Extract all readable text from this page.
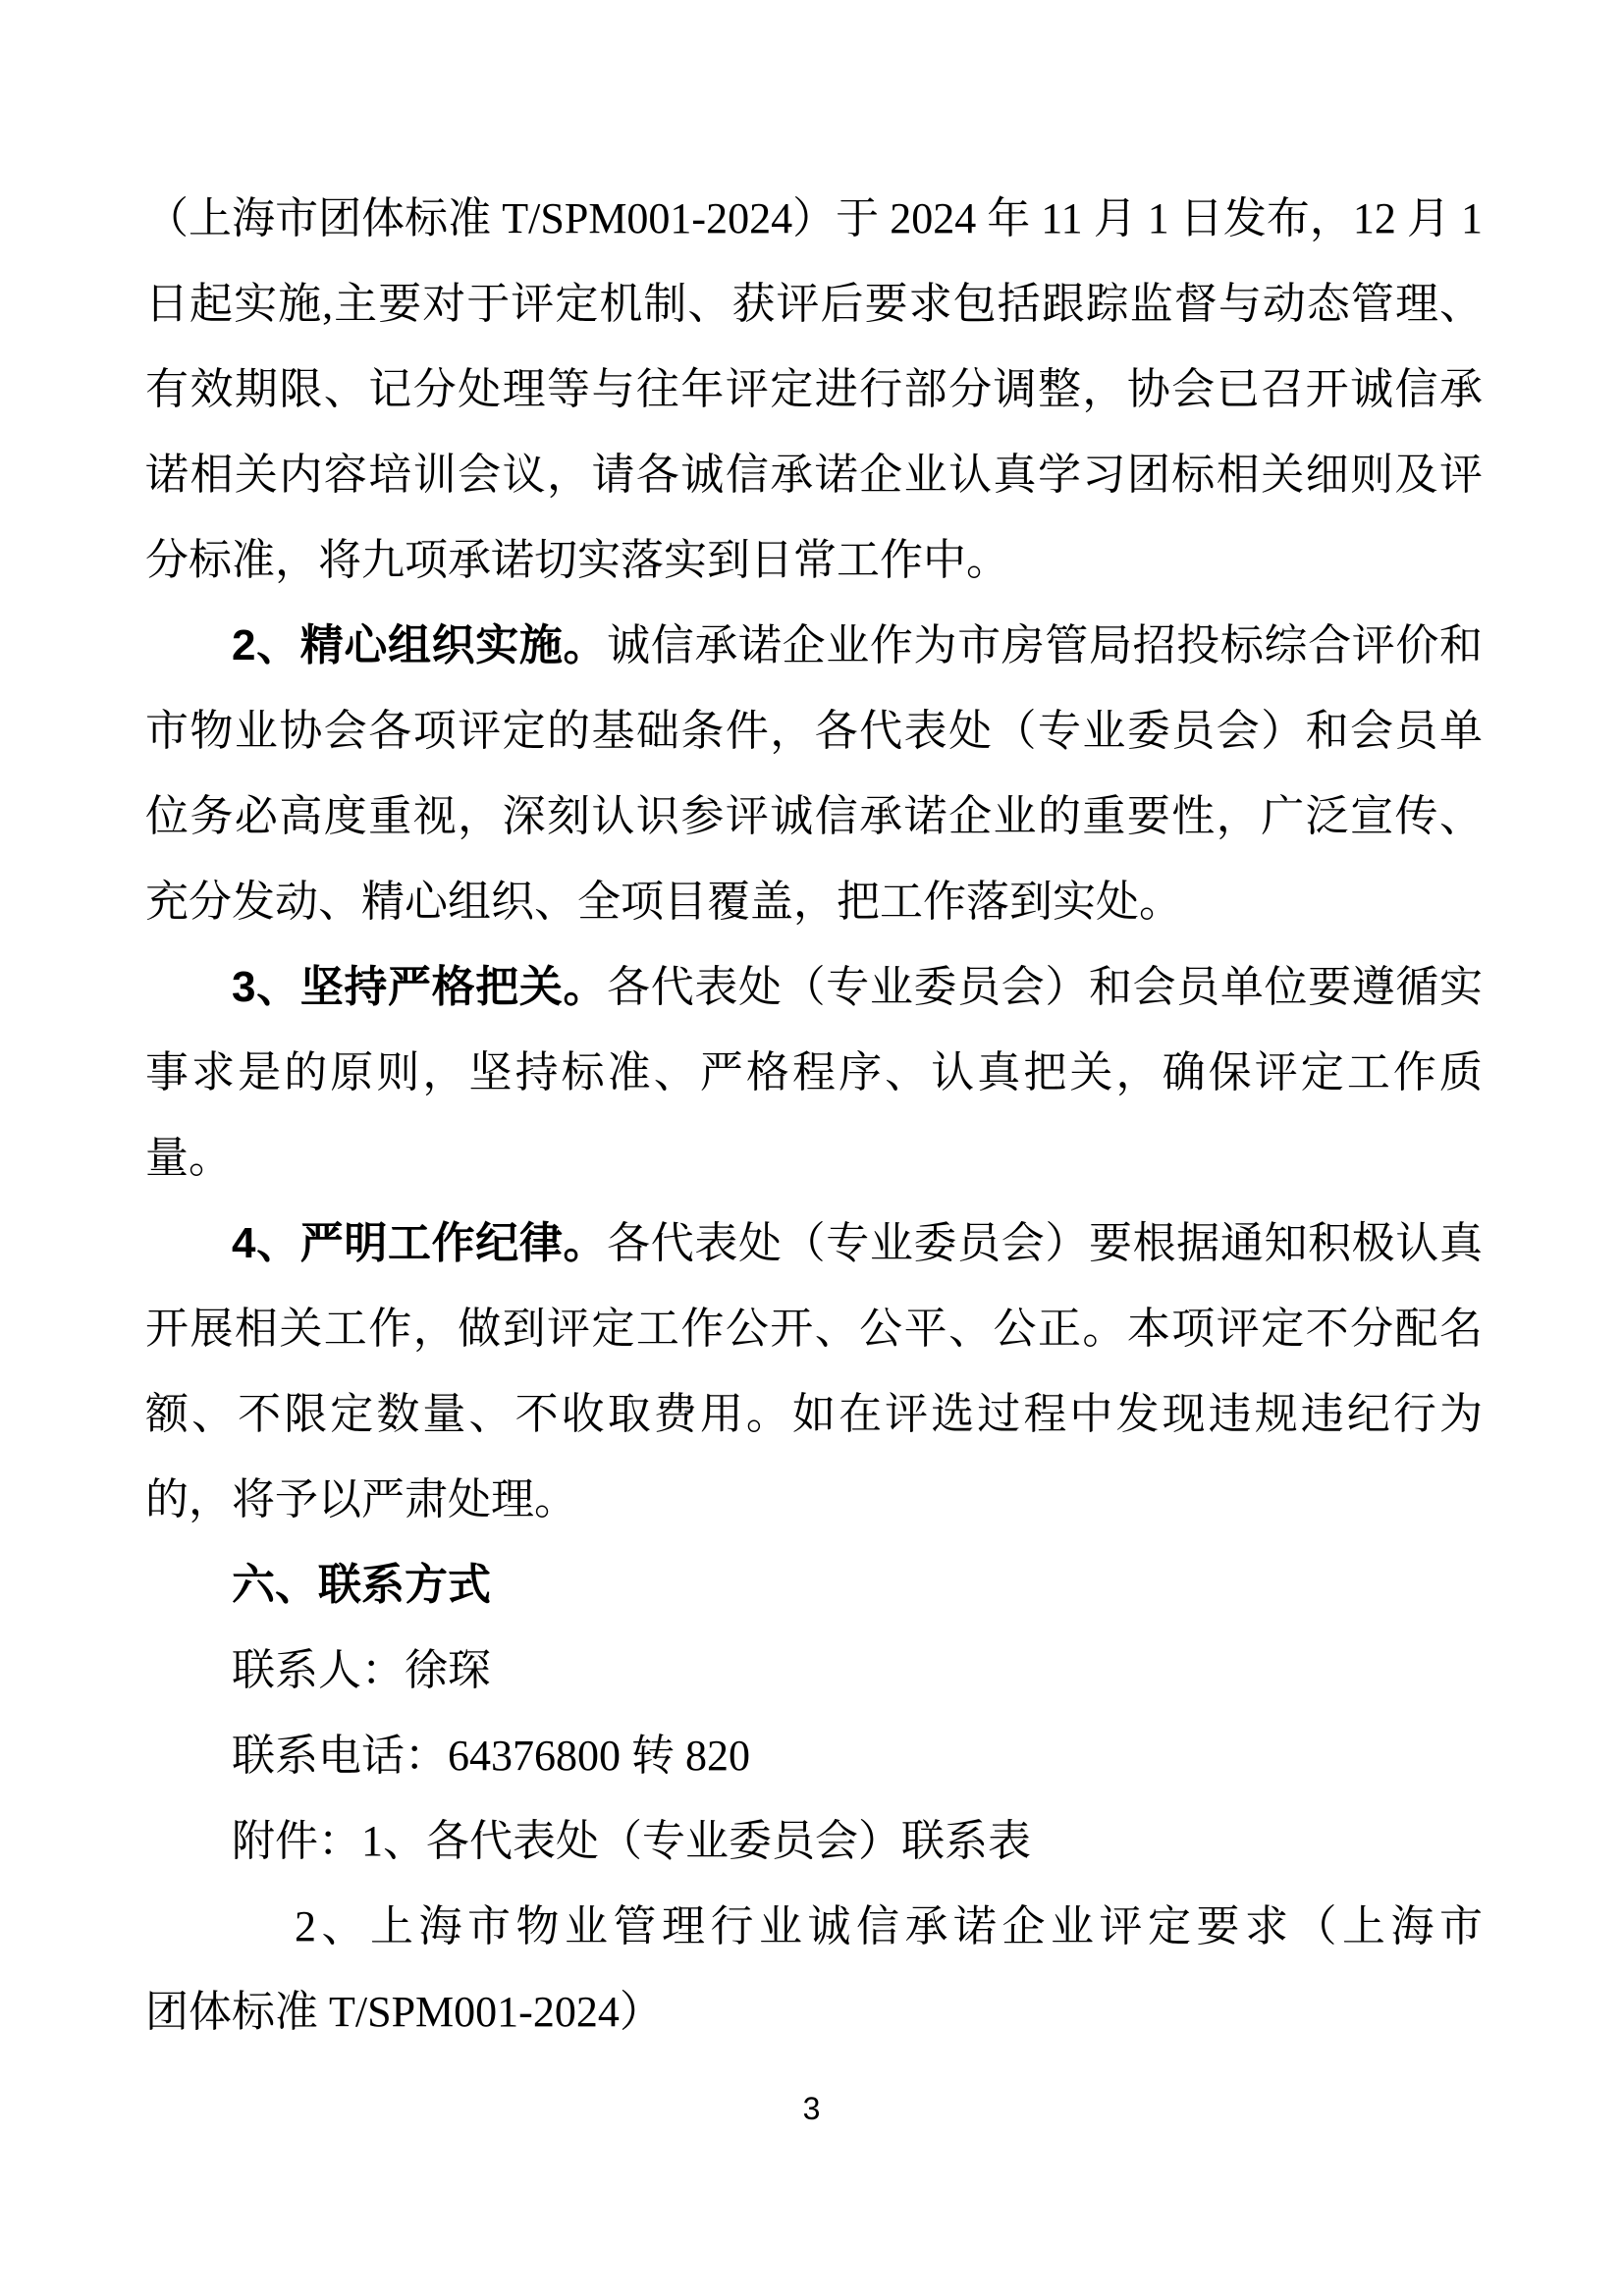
（上海市团体标准 T/SPM001-2024）于 2024 年 11 月 1 日发布，12 月 1 日起实施,主要对于评定机制、获评后要求包括跟踪监督与动态管理、有效期限、记分处理等与往年评定进行部分调整，协会已召开诚信承诺相关内容培训会议，请各诚信承诺企业认真学习团标相关细则及评分标准，将九项承诺切实落实到日常工作中。

2、精心组织实施。诚信承诺企业作为市房管局招投标综合评价和市物业协会各项评定的基础条件，各代表处（专业委员会）和会员单位务必高度重视，深刻认识参评诚信承诺企业的重要性，广泛宣传、充分发动、精心组织、全项目覆盖，把工作落到实处。

3、坚持严格把关。各代表处（专业委员会）和会员单位要遵循实事求是的原则，坚持标准、严格程序、认真把关，确保评定工作质量。

4、严明工作纪律。各代表处（专业委员会）要根据通知积极认真开展相关工作，做到评定工作公开、公平、公正。本项评定不分配名额、不限定数量、不收取费用。如在评选过程中发现违规违纪行为的，将予以严肃处理。

六、联系方式

联系人：徐琛

联系电话：64376800 转 820

附件：1、各代表处（专业委员会）联系表

2、上海市物业管理行业诚信承诺企业评定要求（上海市

团体标准 T/SPM001-2024）

3
